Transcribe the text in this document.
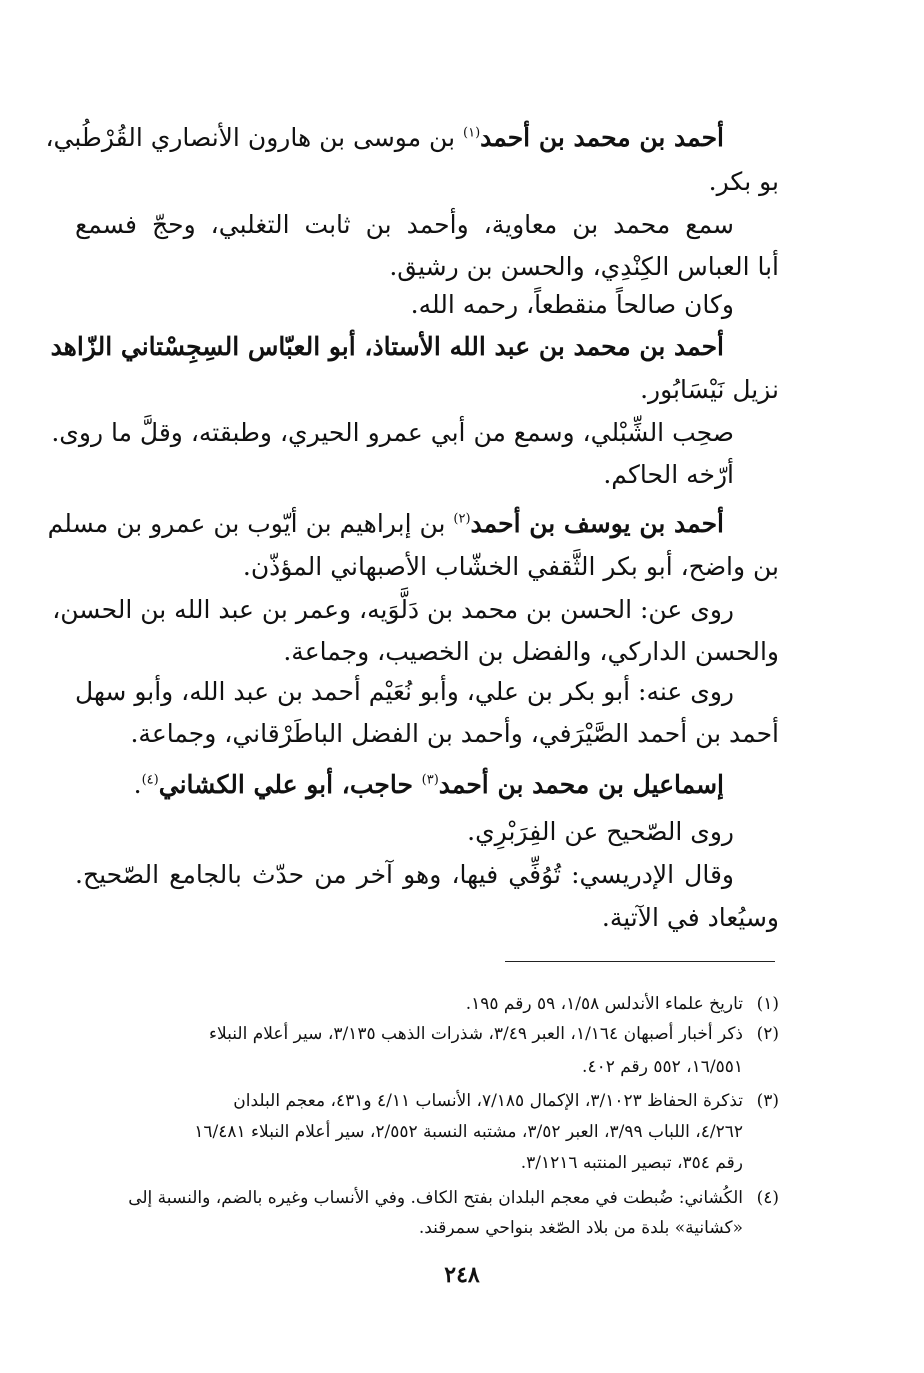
أحمد بن محمد بن أحمد$^{(١)}$ بن موسى بن هارون الأنصاري القُرْطُبي،
بو بكر.
سمع محمد بن معاوية، وأحمد بن ثابت التغلبي، وحجّ فسمع
أبا العباس الكِنْدِي، والحسن بن رشيق.
وكان صالحاً منقطعاً، رحمه الله.
أحمد بن محمد بن عبد الله الأستاذ، أبو العبّاس السِجِسْتاني الزّاهد
نزيل نَيْسَابُور.
صحِب الشِّبْلي، وسمع من أبي عمرو الحيري، وطبقته، وقلَّ ما روى.
أرّخه الحاكم.
أحمد بن يوسف بن أحمد$^{(٢)}$ بن إبراهيم بن أيّوب بن عمرو بن مسلم
بن واضح، أبو بكر الثَّقفي الخشّاب الأصبهاني المؤذّن.
روى عن: الحسن بن محمد بن دَلَّوَيه، وعمر بن عبد الله بن الحسن،
والحسن الداركي، والفضل بن الخصيب، وجماعة.
روى عنه: أبو بكر بن علي، وأبو نُعَيْم أحمد بن عبد الله، وأبو سهل
أحمد بن أحمد الصَّيْرَفي، وأحمد بن الفضل الباطَرْقاني، وجماعة.
إسماعيل بن محمد بن أحمد$^{(٣)}$ حاجب، أبو علي الكشاني$^{(٤)}$.
روى الصّحيح عن الفِرَبْرِي.
وقال الإدريسي: تُوُفِّي فيها، وهو آخر من حدّث بالجامع الصّحيح.
وسيُعاد في الآتية.
(١)تاريخ علماء الأندلس ١/٥٨، ٥٩ رقم ١٩٥.
(٢)ذكر أخبار أصبهان ١/١٦٤، العبر ٣/٤٩، شذرات الذهب ٣/١٣٥، سير أعلام النبلاء
١٦/٥٥١، ٥٥٢ رقم ٤٠٢.
(٣)تذكرة الحفاظ ٣/١٠٢٣، الإكمال ٧/١٨٥، الأنساب ٤/١١ و٤٣١، معجم البلدان
٤/٢٦٢، اللباب ٣/٩٩، العبر ٣/٥٢، مشتبه النسبة ٢/٥٥٢، سير أعلام النبلاء ١٦/٤٨١
رقم ٣٥٤، تبصير المنتبه ٣/١٢١٦.
(٤)الكُشاني: ضُبطت في معجم البلدان بفتح الكاف. وفي الأنساب وغيره بالضم، والنسبة إلى
«كشانية» بلدة من بلاد الصّغد بنواحي سمرقند.
٢٤٨
